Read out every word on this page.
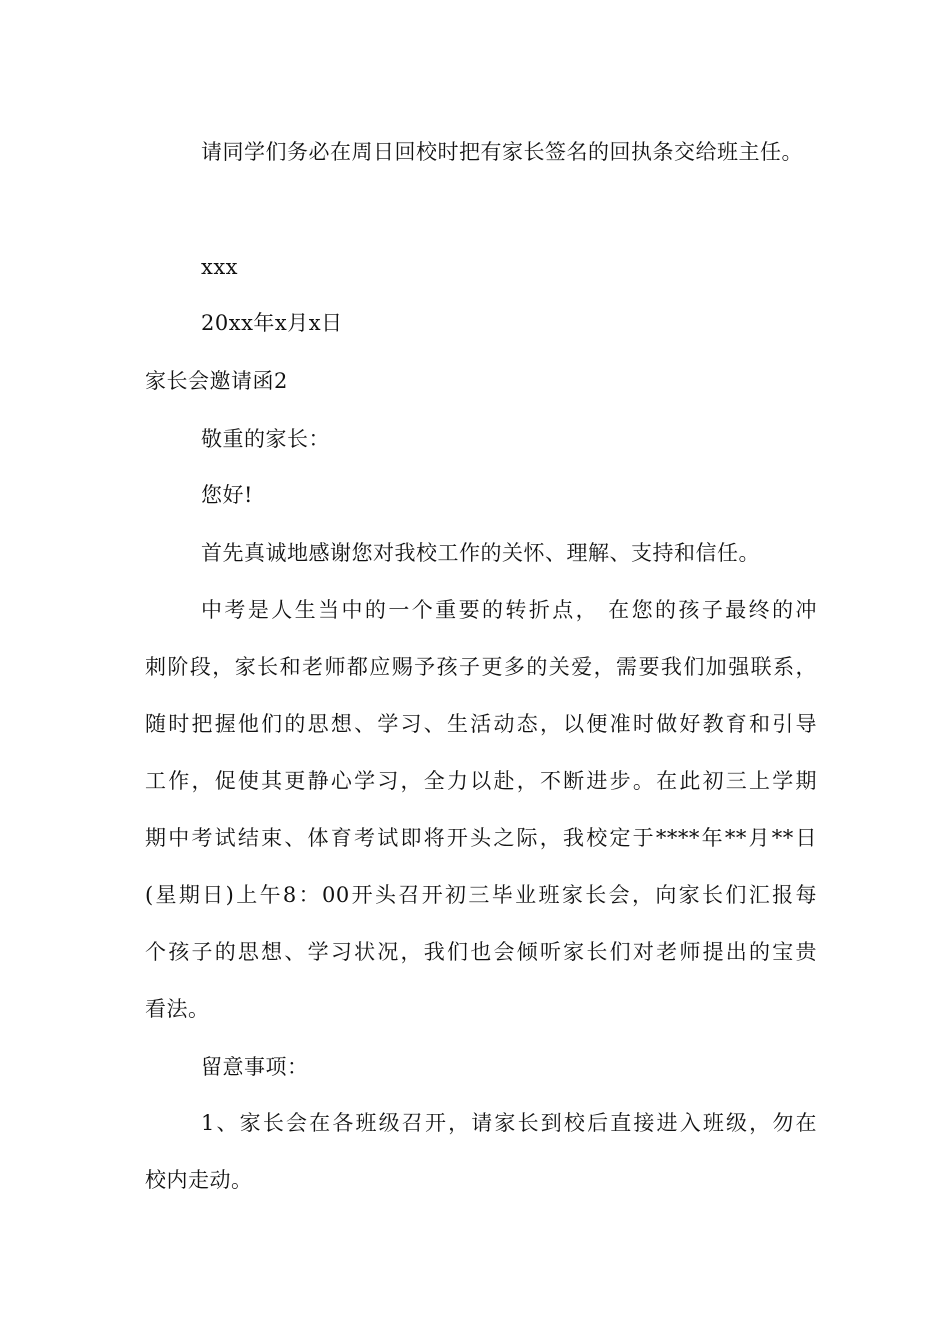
请同学们务必在周日回校时把有家长签名的回执条交给班主任。
xxx
20xx年x月x日
家长会邀请函2
敬重的家长：
您好!
首先真诚地感谢您对我校工作的关怀、理解、支持和信任。
中考是人生当中的一个重要的转折点， 在您的孩子最终的冲
刺阶段，家长和老师都应赐予孩子更多的关爱，需要我们加强联系，
随时把握他们的思想、学习、生活动态，以便准时做好教育和引导
工作，促使其更静心学习，全力以赴，不断进步。在此初三上学期
期中考试结束、体育考试即将开头之际，我校定于****年**月**日
(星期日)上午8：00开头召开初三毕业班家长会，向家长们汇报每
个孩子的思想、学习状况，我们也会倾听家长们对老师提出的宝贵
看法。
留意事项：
1、家长会在各班级召开，请家长到校后直接进入班级，勿在
校内走动。
